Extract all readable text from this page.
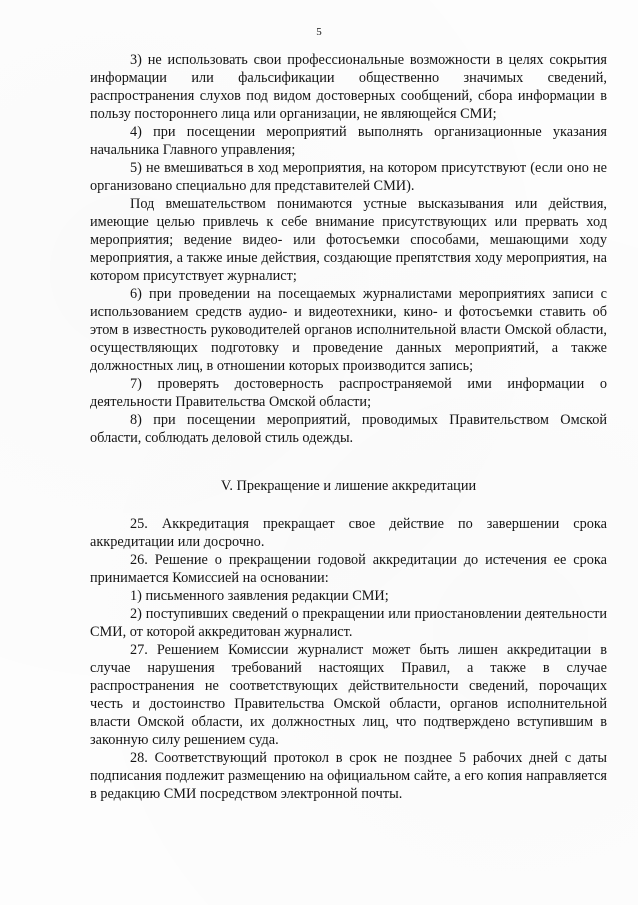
5

3) не использовать свои профессиональные возможности в целях сокрытия информации или фальсификации общественно значимых сведений, распространения слухов под видом достоверных сообщений, сбора информации в пользу постороннего лица или организации, не являющейся СМИ;

4) при посещении мероприятий выполнять организационные указания начальника Главного управления;

5) не вмешиваться в ход мероприятия, на котором присутствуют (если оно не организовано специально для представителей СМИ).

Под вмешательством понимаются устные высказывания или действия, имеющие целью привлечь к себе внимание присутствующих или прервать ход мероприятия; ведение видео- или фотосъемки способами, мешающими ходу мероприятия, а также иные действия, создающие препятствия ходу мероприятия, на котором присутствует журналист;

6) при проведении на посещаемых журналистами мероприятиях записи с использованием средств аудио- и видеотехники, кино- и фотосъемки ставить об этом в известность руководителей органов исполнительной власти Омской области, осуществляющих подготовку и проведение данных мероприятий, а также должностных лиц, в отношении которых производится запись;

7) проверять достоверность распространяемой ими информации о деятельности Правительства Омской области;

8) при посещении мероприятий, проводимых Правительством Омской области, соблюдать деловой стиль одежды.

V. Прекращение и лишение аккредитации

25. Аккредитация прекращает свое действие по завершении срока аккредитации или досрочно.

26. Решение о прекращении годовой аккредитации до истечения ее срока принимается Комиссией на основании:

1) письменного заявления редакции СМИ;

2) поступивших сведений о прекращении или приостановлении деятельности СМИ, от которой аккредитован журналист.

27. Решением Комиссии журналист может быть лишен аккредитации в случае нарушения требований настоящих Правил, а также в случае распространения не соответствующих действительности сведений, порочащих честь и достоинство Правительства Омской области, органов исполнительной власти Омской области, их должностных лиц, что подтверждено вступившим в законную силу решением суда.

28. Соответствующий протокол в срок не позднее 5 рабочих дней с даты подписания подлежит размещению на официальном сайте, а его копия направляется в редакцию СМИ посредством электронной почты.
